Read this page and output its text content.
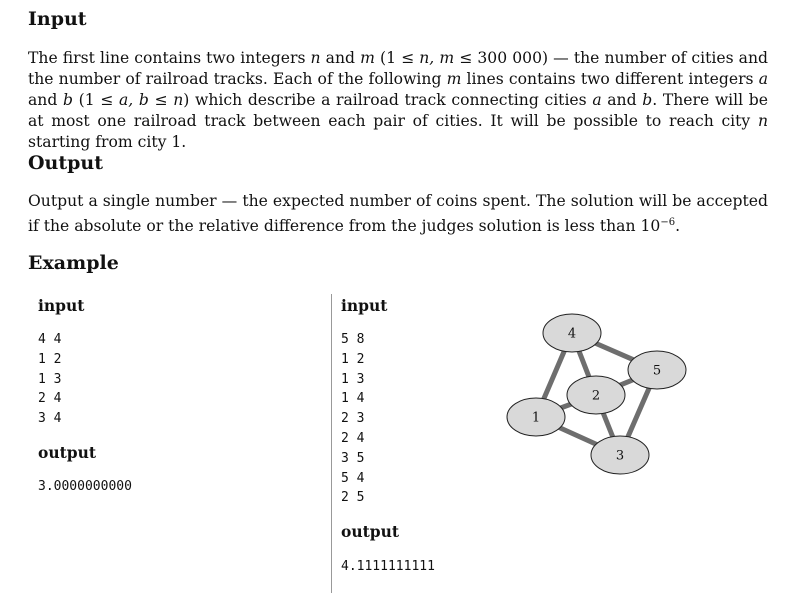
Input

The first line contains two integers n and m (1 ≤ n, m ≤ 300 000) — the number of cities and the number of railroad tracks. Each of the following m lines contains two different integers a and b (1 ≤ a, b ≤ n) which describe a railroad track connecting cities a and b. There will be at most one railroad track between each pair of cities. It will be possible to reach city n starting from city 1.

Output

Output a single number — the expected number of coins spent. The solution will be accepted if the absolute or the relative difference from the judges solution is less than $10^{-6}$.

Example
input
4 4
1 2
1 3
2 4
3 4
output
3.0000000000
input
5 8
1 2
1 3
1 4
2 3
2 4
3 5
5 4
2 5
output
4.1111111111
1
2
3
4
5
